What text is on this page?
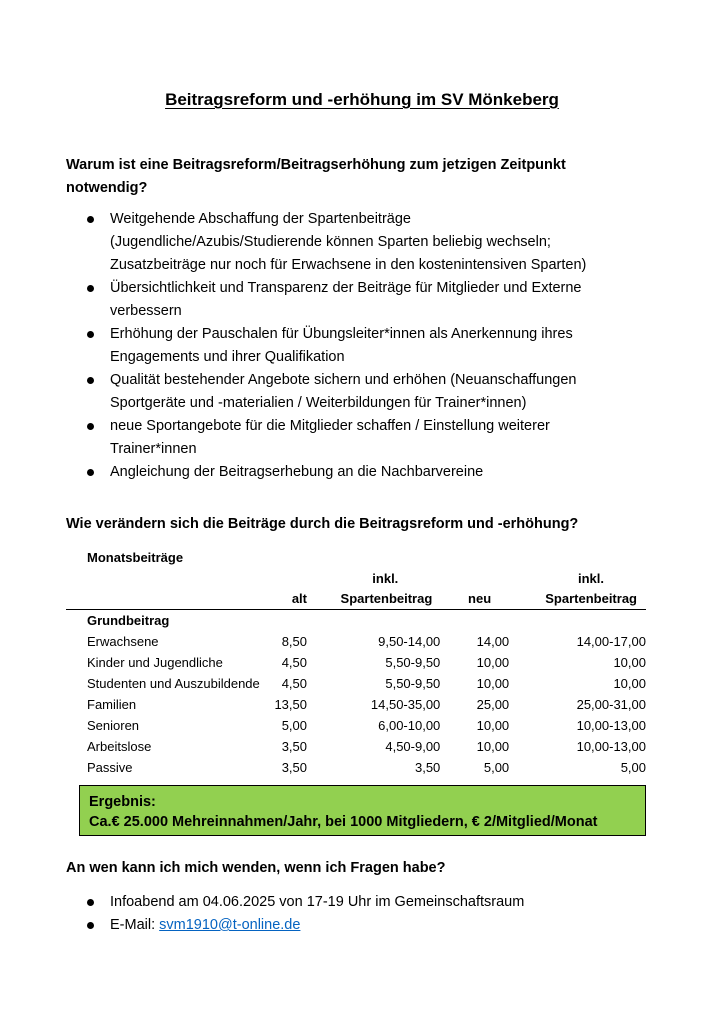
Beitragsreform und -erhöhung im SV Mönkeberg
Warum ist eine Beitragsreform/Beitragserhöhung zum jetzigen Zeitpunkt notwendig?
Weitgehende Abschaffung der Spartenbeiträge
(Jugendliche/Azubis/Studierende können Sparten beliebig wechseln;
Zusatzbeiträge nur noch für Erwachsene in den kostenintensiven Sparten)
Übersichtlichkeit und Transparenz der Beiträge für Mitglieder und Externe
verbessern
Erhöhung der Pauschalen für Übungsleiter*innen als Anerkennung ihres
Engagements und ihrer Qualifikation
Qualität bestehender Angebote sichern und erhöhen (Neuanschaffungen
Sportgeräte und -materialien / Weiterbildungen für Trainer*innen)
neue Sportangebote für die Mitglieder schaffen / Einstellung weiterer
Trainer*innen
Angleichung der Beitragserhebung an die Nachbarvereine
Wie verändern sich die Beiträge durch die Beitragsreform und -erhöhung?
Monatsbeiträge
		inkl.		inkl.
	alt	Spartenbeitrag	neu	Spartenbeitrag
Grundbeitrag				
Erwachsene	8,50	9,50-14,00	14,00	14,00-17,00
Kinder und Jugendliche	4,50	5,50-9,50	10,00	10,00
Studenten und Auszubildende	4,50	5,50-9,50	10,00	10,00
Familien	13,50	14,50-35,00	25,00	25,00-31,00
Senioren	5,00	6,00-10,00	10,00	10,00-13,00
Arbeitslose	3,50	4,50-9,00	10,00	10,00-13,00
Passive	3,50	3,50	5,00	5,00
Ergebnis:
Ca.€ 25.000 Mehreinnahmen/Jahr, bei 1000 Mitgliedern, € 2/Mitglied/Monat
An wen kann ich mich wenden, wenn ich Fragen habe?
Infoabend am 04.06.2025 von 17-19 Uhr im Gemeinschaftsraum
E-Mail: svm1910@t-online.de
